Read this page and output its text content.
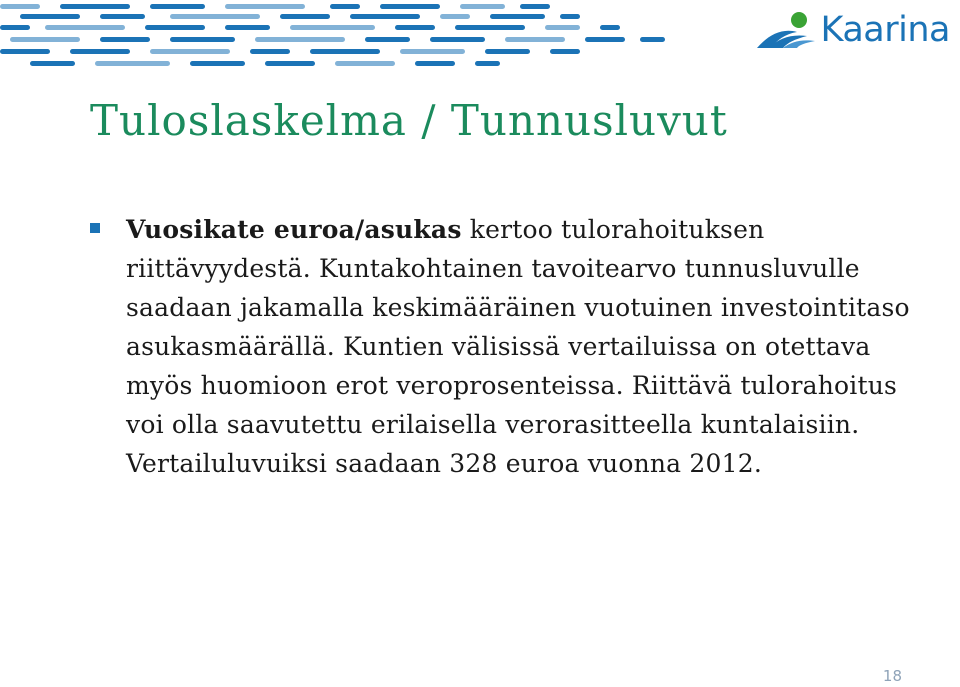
Kaarina
Tuloslaskelma / Tunnusluvut
Vuosikate euroa/asukas kertoo tulorahoituksen riittävyydestä. Kuntakohtainen tavoitearvo tunnusluvulle saadaan jakamalla keskimääräinen vuotuinen investointitaso asukasmäärällä. Kuntien välisissä vertailuissa on otettava myös huomioon erot veroprosenteissa. Riittävä tulorahoitus voi olla saavutettu erilaisella verorasitteella kuntalaisiin. Vertailuluvuiksi saadaan 328 euroa vuonna 2012.
18
